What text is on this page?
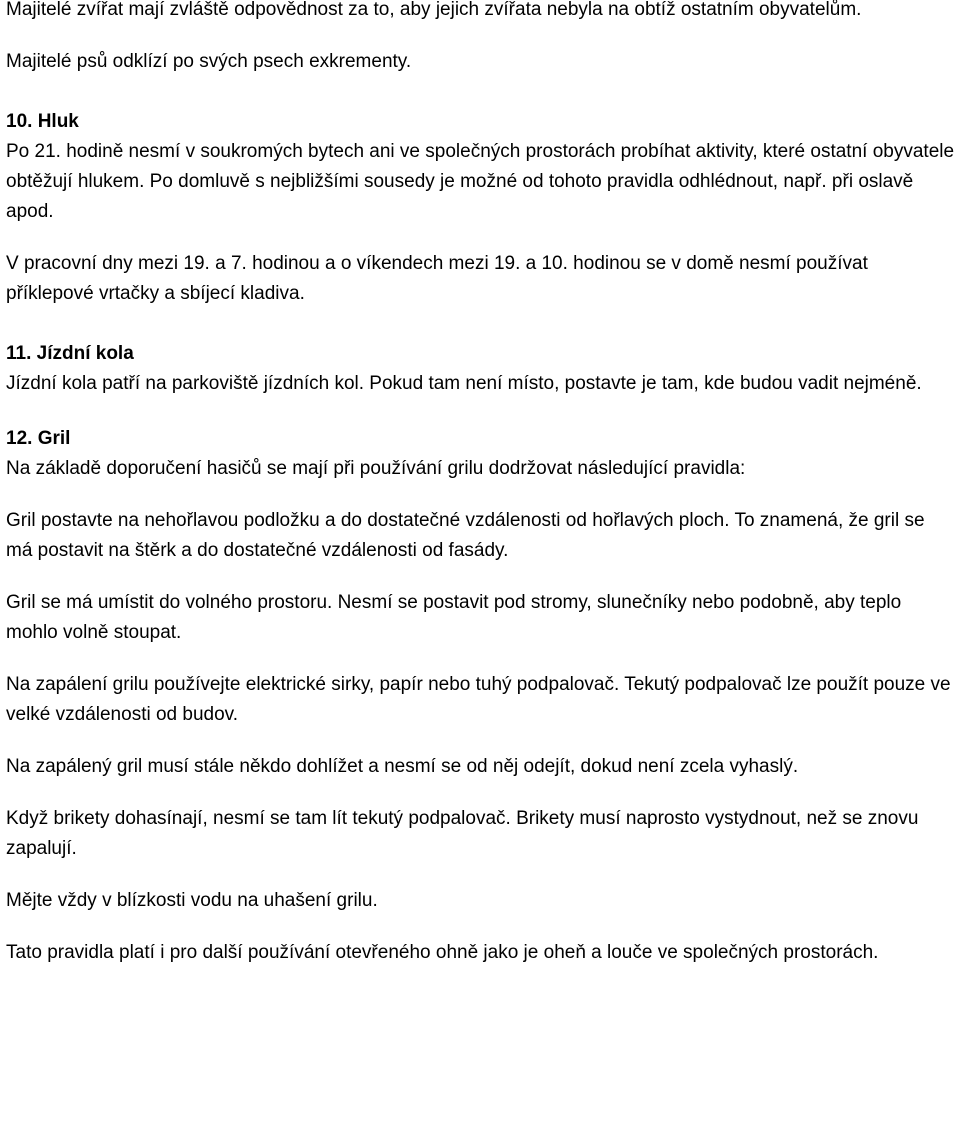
Majitelé zvířat mají zvláště odpovědnost za to, aby jejich zvířata nebyla na obtíž ostatním obyvatelům.

Majitelé psů odklízí po svých psech exkrementy.

10. Hluk

Po 21. hodině nesmí v soukromých bytech ani ve společných prostorách probíhat aktivity, které ostatní obyvatele obtěžují hlukem. Po domluvě s nejbližšími sousedy je možné od tohoto pravidla odhlédnout, např. při oslavě apod.

V pracovní dny mezi 19. a 7. hodinou a o víkendech mezi 19. a 10. hodinou se v domě nesmí používat příklepové vrtačky a sbíjecí kladiva.

11. Jízdní kola

Jízdní kola patří na parkoviště jízdních kol. Pokud tam není místo, postavte je tam, kde budou vadit nejméně.

12. Gril

Na základě doporučení hasičů se mají při používání grilu dodržovat následující pravidla:

Gril postavte na nehořlavou podložku a do dostatečné vzdálenosti od hořlavých ploch. To znamená, že gril se má postavit na štěrk a do dostatečné vzdálenosti od fasády.

Gril se má umístit do volného prostoru. Nesmí se postavit pod stromy, slunečníky nebo podobně, aby teplo mohlo volně stoupat.

Na zapálení grilu používejte elektrické sirky, papír nebo tuhý podpalovač. Tekutý podpalovač lze použít pouze ve velké vzdálenosti od budov.

Na zapálený gril musí stále někdo dohlížet a nesmí se od něj odejít, dokud není zcela vyhaslý.

Když brikety dohasínají, nesmí se tam lít tekutý podpalovač. Brikety musí naprosto vystydnout, než se znovu zapalují.

Mějte vždy v blízkosti vodu na uhašení grilu.

Tato pravidla platí i pro další používání otevřeného ohně jako je oheň a louče ve společných prostorách.
